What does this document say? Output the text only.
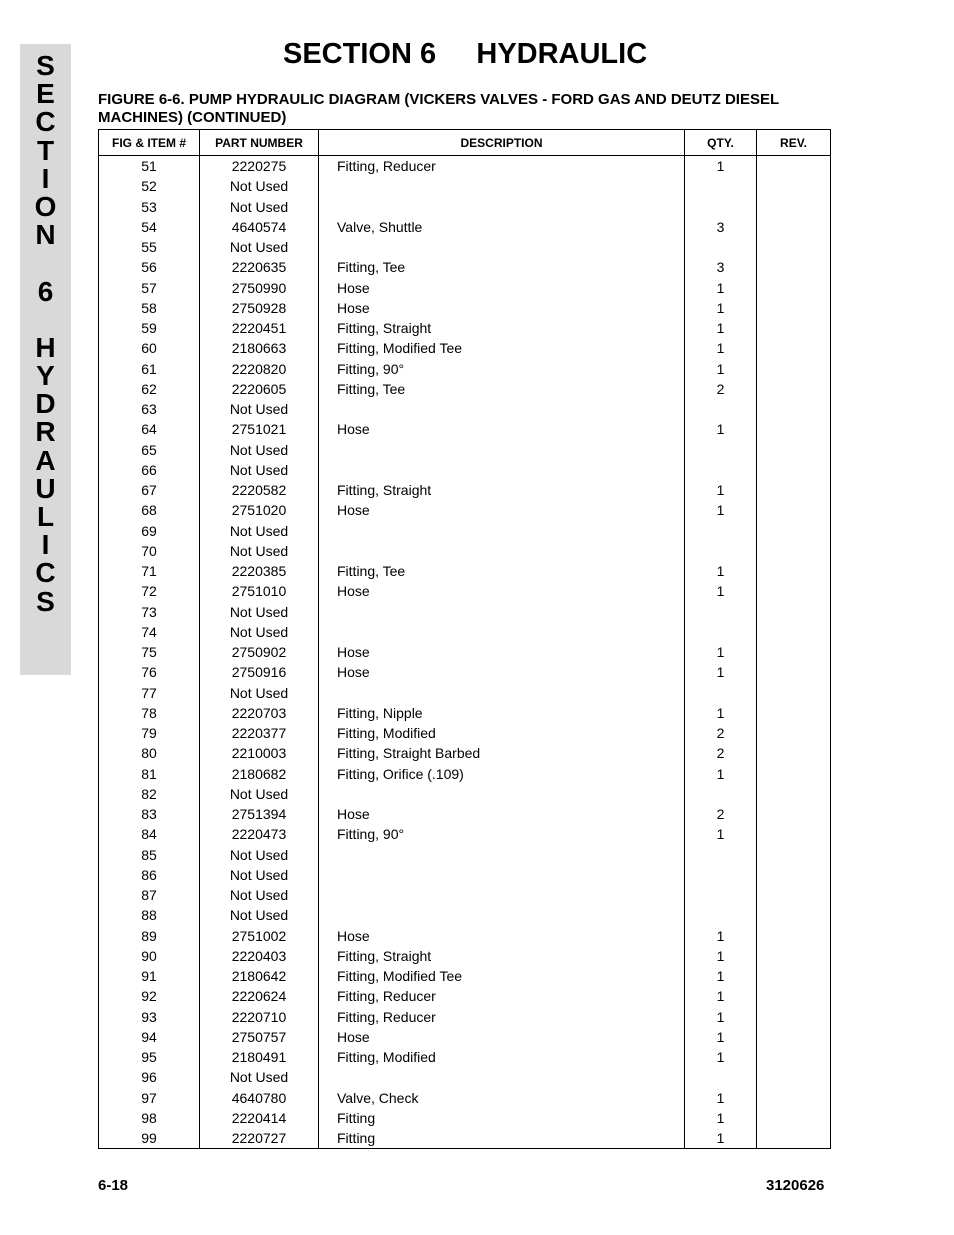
S
E
C
T
I
O
N
6
H
Y
D
R
A
U
L
I
C
S
SECTION 6     HYDRAULIC
FIGURE 6-6. PUMP HYDRAULIC DIAGRAM (VICKERS VALVES - FORD GAS AND DEUTZ DIESEL MACHINES) (CONTINUED)
FIG & ITEM #	PART NUMBER	DESCRIPTION	QTY.	REV.
51	2220275	Fitting, Reducer	1	
52	Not Used			
53	Not Used			
54	4640574	Valve, Shuttle	3	
55	Not Used			
56	2220635	Fitting, Tee	3	
57	2750990	Hose	1	
58	2750928	Hose	1	
59	2220451	Fitting, Straight	1	
60	2180663	Fitting, Modified Tee	1	
61	2220820	Fitting, 90°	1	
62	2220605	Fitting, Tee	2	
63	Not Used			
64	2751021	Hose	1	
65	Not Used			
66	Not Used			
67	2220582	Fitting, Straight	1	
68	2751020	Hose	1	
69	Not Used			
70	Not Used			
71	2220385	Fitting, Tee	1	
72	2751010	Hose	1	
73	Not Used			
74	Not Used			
75	2750902	Hose	1	
76	2750916	Hose	1	
77	Not Used			
78	2220703	Fitting, Nipple	1	
79	2220377	Fitting, Modified	2	
80	2210003	Fitting, Straight Barbed	2	
81	2180682	Fitting, Orifice (.109)	1	
82	Not Used			
83	2751394	Hose	2	
84	2220473	Fitting, 90°	1	
85	Not Used			
86	Not Used			
87	Not Used			
88	Not Used			
89	2751002	Hose	1	
90	2220403	Fitting, Straight	1	
91	2180642	Fitting, Modified Tee	1	
92	2220624	Fitting, Reducer	1	
93	2220710	Fitting, Reducer	1	
94	2750757	Hose	1	
95	2180491	Fitting, Modified	1	
96	Not Used			
97	4640780	Valve, Check	1	
98	2220414	Fitting	1	
99	2220727	Fitting	1	
6-18	3120626
